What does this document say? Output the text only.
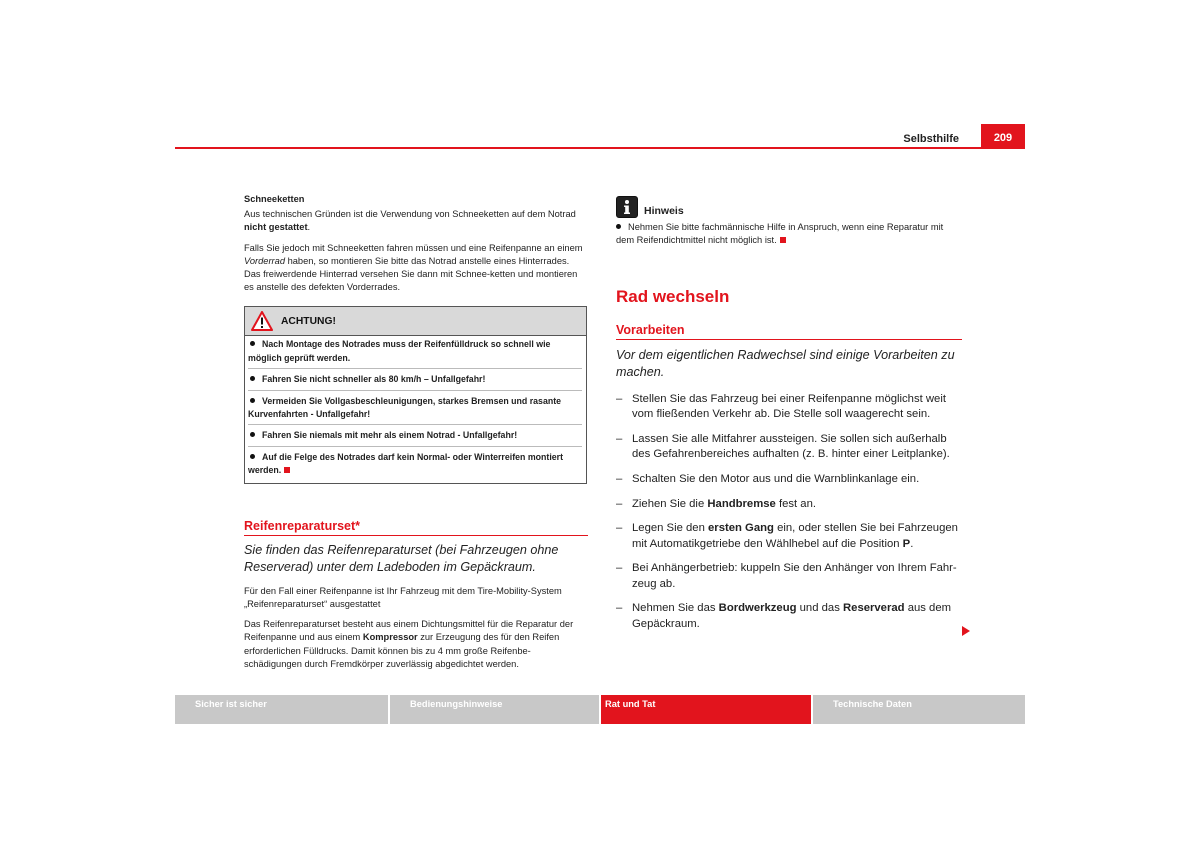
Selbsthilfe	209
Schneeketten

Aus technischen Gründen ist die Verwendung von Schneeketten auf dem Notrad nicht gestattet.

Falls Sie jedoch mit Schneeketten fahren müssen und eine Reifenpanne an einem Vorderrad haben, so montieren Sie bitte das Notrad anstelle eines Hinterrades. Das freiwerdende Hinterrad versehen Sie dann mit Schnee-ketten und montieren es anstelle des defekten Vorderrades.

ACHTUNG!
Nach Montage des Notrades muss der Reifenfülldruck so schnell wie möglich geprüft werden.
Fahren Sie nicht schneller als 80 km/h – Unfallgefahr!
Vermeiden Sie Vollgasbeschleunigungen, starkes Bremsen und rasante Kurvenfahrten - Unfallgefahr!
Fahren Sie niemals mit mehr als einem Notrad - Unfallgefahr!
Auf die Felge des Notrades darf kein Normal- oder Winterreifen montiert werden.
Reifenreparaturset*

Sie finden das Reifenreparaturset (bei Fahrzeugen ohne Reserverad) unter dem Ladeboden im Gepäckraum.

Für den Fall einer Reifenpanne ist Ihr Fahrzeug mit dem Tire-Mobility-System „Reifenreparaturset“ ausgestattet

Das Reifenreparaturset besteht aus einem Dichtungsmittel für die Reparatur der Reifenpanne und aus einem Kompressor zur Erzeugung des für den Reifen erforderlichen Fülldrucks. Damit können bis zu 4 mm große Reifenbe-schädigungen durch Fremdkörper zuverlässig abgedichtet werden.

Hinweis

Nehmen Sie bitte fachmännische Hilfe in Anspruch, wenn eine Reparatur mit dem Reifendichtmittel nicht möglich ist.

Rad wechseln
Vorarbeiten

Vor dem eigentlichen Radwechsel sind einige Vorarbeiten zu machen.

– Stellen Sie das Fahrzeug bei einer Reifenpanne möglichst weit vom fließenden Verkehr ab. Die Stelle soll waagerecht sein.
– Lassen Sie alle Mitfahrer aussteigen. Sie sollen sich außerhalb des Gefahrenbereiches aufhalten (z. B. hinter einer Leitplanke).
– Schalten Sie den Motor aus und die Warnblinkanlage ein.
– Ziehen Sie die Handbremse fest an.
– Legen Sie den ersten Gang ein, oder stellen Sie bei Fahrzeugen mit Automatikgetriebe den Wählhebel auf die Position P.
– Bei Anhängerbetrieb: kuppeln Sie den Anhänger von Ihrem Fahr-zeug ab.
– Nehmen Sie das Bordwerkzeug und das Reserverad aus dem Gepäckraum.
Sicher ist sicher	Bedienungshinweise	Rat und Tat	Technische Daten
